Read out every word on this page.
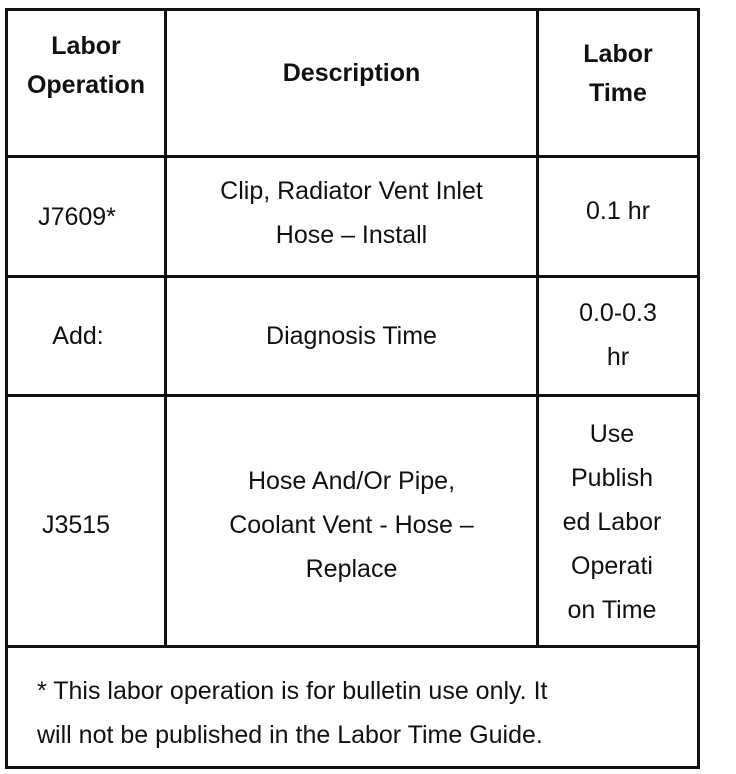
Labor
Operation	Description
Labor
Time
J7609*
Clip, Radiator Vent Inlet
Hose – Install
0.1 hr
Add:	Diagnosis Time
0.0-0.3
hr
J3515
Hose And/Or Pipe,
Coolant Vent - Hose –
Replace
Use
Publish
ed Labor
Operati
on Time
* This labor operation is for bulletin use only. It
will not be published in the Labor Time Guide.
